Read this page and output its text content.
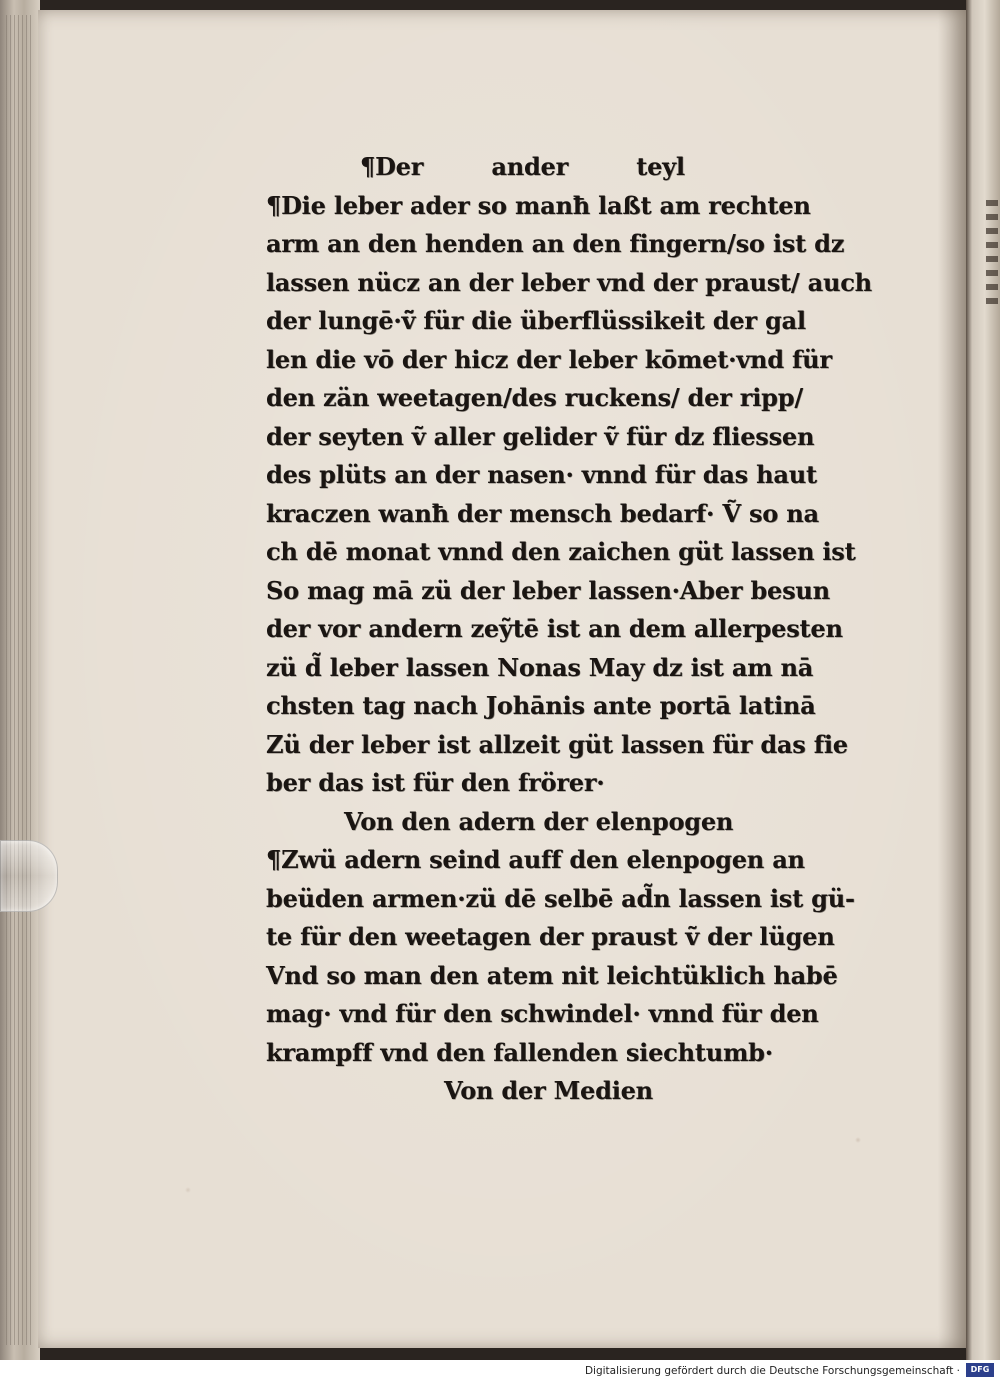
¶Der ander teyl
¶Die leber ader so manħ laßt am rechten
arm an den henden an den fingern/so ist dz
lassen nücz an der leber vnd der praust/ auch
der lungē·ṽ̃ für die überflüssikeit der gal
len die vō der hicz der leber kōmet·vnd für
den zän weetagen/des ruckens/ der ripp/
der seyten ṽ aller gelider ṽ für dz fliessen
des plüts an der nasen· vnnd für das haut
kraczen wanħ der mensch bedarf· Ṽ so na
ch dē monat vnnd den zaichen güt lassen ist
So mag mā zü der leber lassen·Aber besun
der vor andern zeỹtē ist an dem allerpesten
zü d̃ leber lassen Nonas May dz ist am nā
chsten tag nach Johānis ante portā latinā
Zü der leber ist allzeit güt lassen für das fie
ber das ist für den frörer·
Von den adern der elenpogen
¶Zwü adern seind auff den elenpogen an
beüden armen·zü dē selbē ad̃n lassen ist gü-
te für den weetagen der praust ṽ der lügen
Vnd so man den atem nit leichtüklich habē
mag· vnd für den schwindel· vnnd für den
krampff vnd den fallenden siechtumb·
Von der Medien
Digitalisierung gefördert durch die Deutsche Forschungsgemeinschaft ·	DFG
